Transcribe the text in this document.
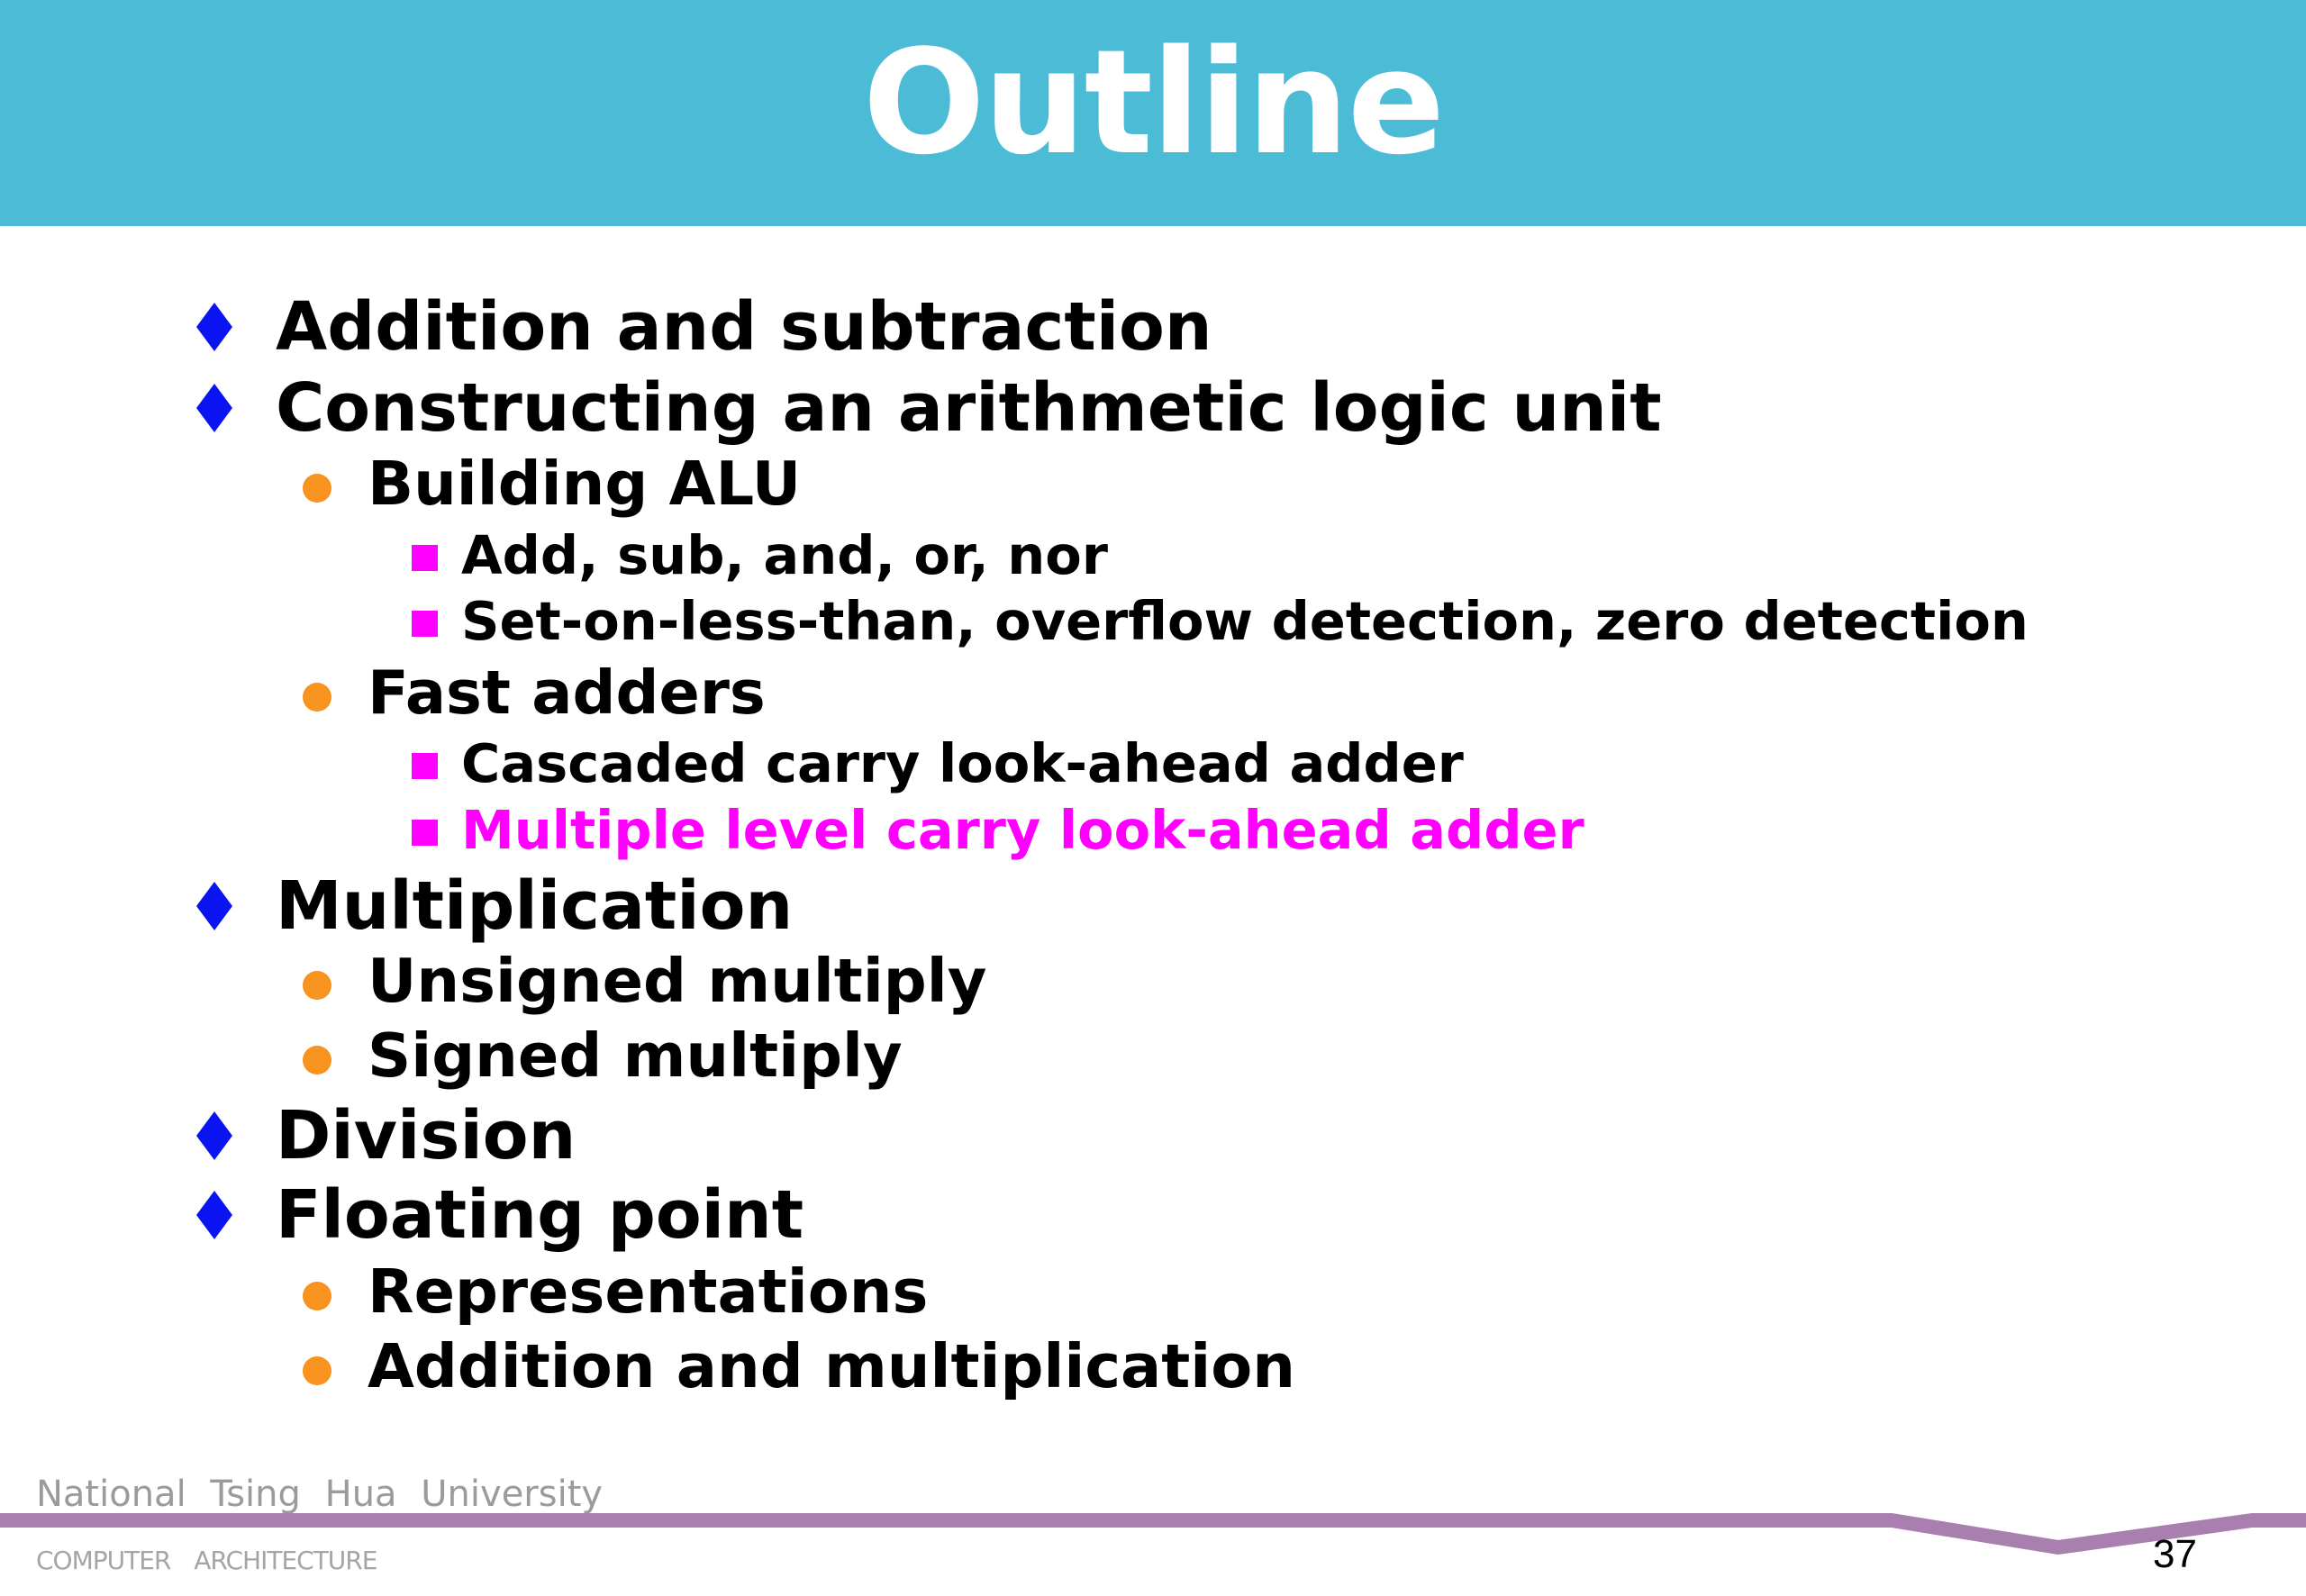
Outline
Addition and subtraction
Constructing an arithmetic logic unit
Building ALU
Add, sub, and, or, nor
Set-on-less-than, overflow detection, zero detection
Fast adders
Cascaded carry look-ahead adder
Multiple level carry look-ahead adder
Multiplication
Unsigned multiply
Signed multiply
Division
Floating point
Representations
Addition and multiplication
National Tsing Hua University
COMPUTER ARCHITECTURE	37
